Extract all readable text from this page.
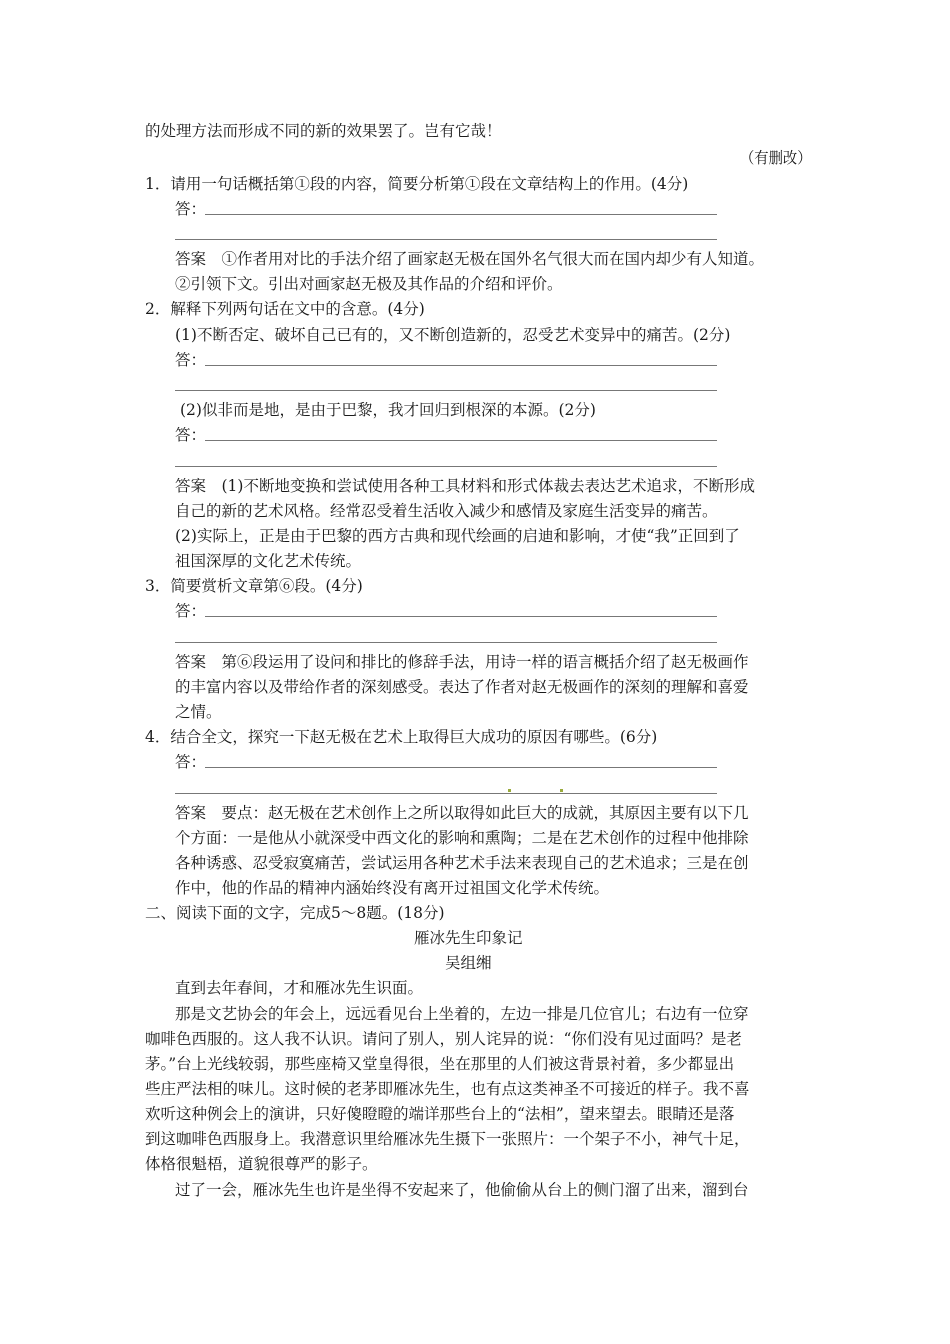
的处理方法而形成不同的新的效果罢了。岂有它哉！
（有删改）
1．请用一句话概括第①段的内容，简要分析第①段在文章结构上的作用。(4分)
答：
答案　①作者用对比的手法介绍了画家赵无极在国外名气很大而在国内却少有人知道。
②引领下文。引出对画家赵无极及其作品的介绍和评价。
2．解释下列两句话在文中的含意。(4分)
(1)不断否定、破坏自己已有的，又不断创造新的，忍受艺术变异中的痛苦。(2分)
答：
(2)似非而是地，是由于巴黎，我才回归到根深的本源。(2分)
答：
答案　(1)不断地变换和尝试使用各种工具材料和形式体裁去表达艺术追求，不断形成
自己的新的艺术风格。经常忍受着生活收入减少和感情及家庭生活变异的痛苦。
(2)实际上，正是由于巴黎的西方古典和现代绘画的启迪和影响，才使“我”正回到了
祖国深厚的文化艺术传统。
3．简要赏析文章第⑥段。(4分)
答：
答案　第⑥段运用了设问和排比的修辞手法，用诗一样的语言概括介绍了赵无极画作
的丰富内容以及带给作者的深刻感受。表达了作者对赵无极画作的深刻的理解和喜爱
之情。
4．结合全文，探究一下赵无极在艺术上取得巨大成功的原因有哪些。(6分)
答：
答案　要点：赵无极在艺术创作上之所以取得如此巨大的成就，其原因主要有以下几
个方面：一是他从小就深受中西文化的影响和熏陶；二是在艺术创作的过程中他排除
各种诱惑、忍受寂寞痛苦，尝试运用各种艺术手法来表现自己的艺术追求；三是在创
作中，他的作品的精神内涵始终没有离开过祖国文化学术传统。
二、阅读下面的文字，完成5～8题。(18分)
雁冰先生印象记
吴组缃
直到去年春间，才和雁冰先生识面。
那是文艺协会的年会上，远远看见台上坐着的，左边一排是几位官儿；右边有一位穿
咖啡色西服的。这人我不认识。请问了别人，别人诧异的说：“你们没有见过面吗？是老
茅。”台上光线较弱，那些座椅又堂皇得很，坐在那里的人们被这背景衬着，多少都显出
些庄严法相的味儿。这时候的老茅即雁冰先生，也有点这类神圣不可接近的样子。我不喜
欢听这种例会上的演讲，只好傻瞪瞪的端详那些台上的“法相”，望来望去。眼睛还是落
到这咖啡色西服身上。我潜意识里给雁冰先生摄下一张照片：一个架子不小，神气十足，
体格很魁梧，道貌很尊严的影子。
过了一会，雁冰先生也许是坐得不安起来了，他偷偷从台上的侧门溜了出来，溜到台
